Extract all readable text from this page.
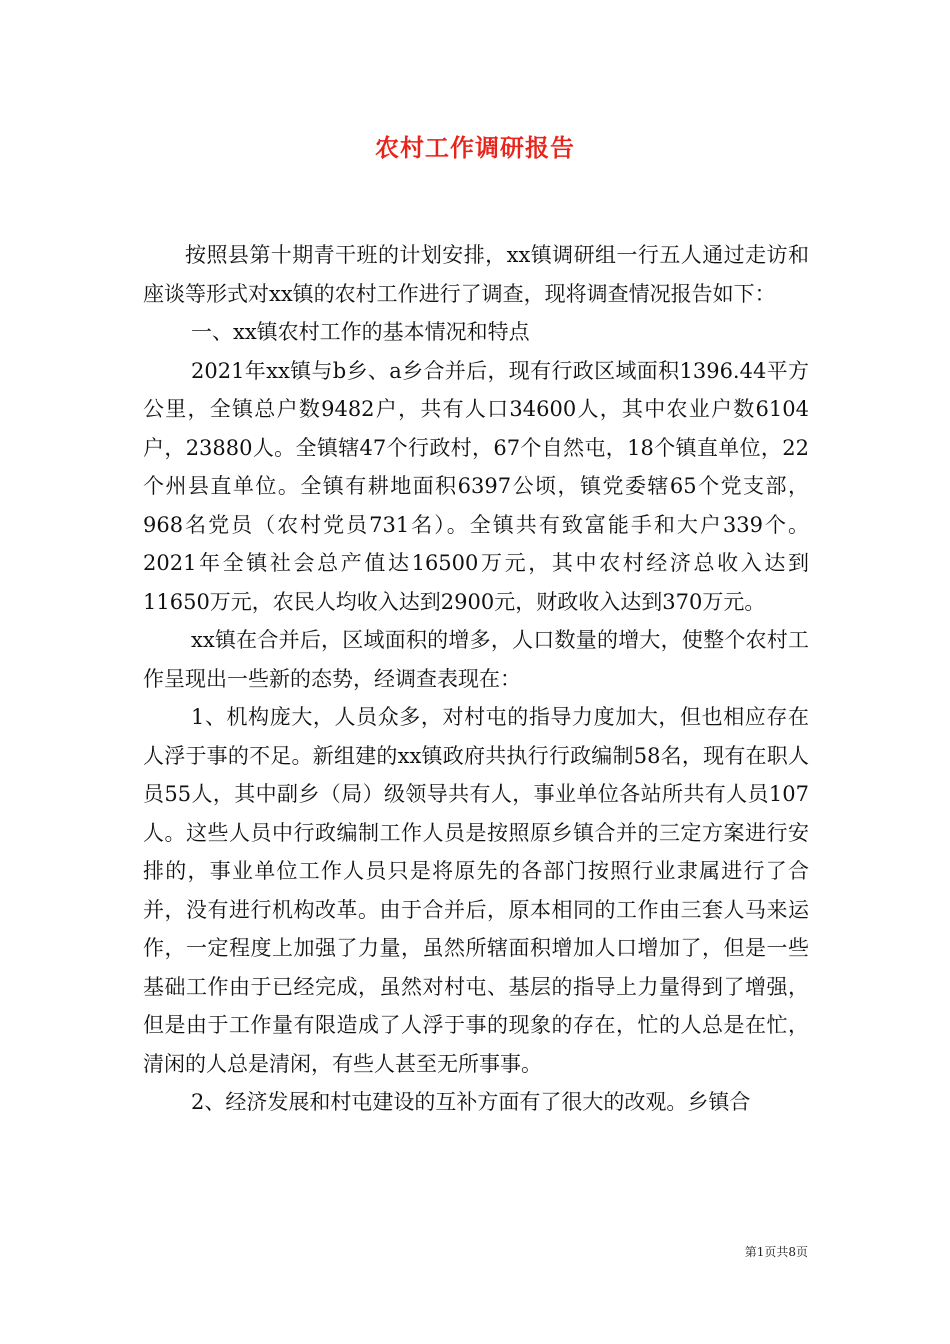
农村工作调研报告

按照县第十期青干班的计划安排，xx镇调研组一行五人通过走访和座谈等形式对xx镇的农村工作进行了调查，现将调查情况报告如下：

一、xx镇农村工作的基本情况和特点

2021年xx镇与b乡、a乡合并后，现有行政区域面积1396.44平方公里，全镇总户数9482户，共有人口34600人，其中农业户数6104户，23880人。全镇辖47个行政村，67个自然屯，18个镇直单位，22个州县直单位。全镇有耕地面积6397公顷，镇党委辖65个党支部，968名党员（农村党员731名）。全镇共有致富能手和大户339个。2021年全镇社会总产值达16500万元，其中农村经济总收入达到11650万元，农民人均收入达到2900元，财政收入达到370万元。

xx镇在合并后，区域面积的增多，人口数量的增大，使整个农村工作呈现出一些新的态势，经调查表现在：

1、机构庞大，人员众多，对村屯的指导力度加大，但也相应存在人浮于事的不足。新组建的xx镇政府共执行行政编制58名，现有在职人员55人，其中副乡（局）级领导共有人，事业单位各站所共有人员107人。这些人员中行政编制工作人员是按照原乡镇合并的三定方案进行安排的，事业单位工作人员只是将原先的各部门按照行业隶属进行了合并，没有进行机构改革。由于合并后，原本相同的工作由三套人马来运作，一定程度上加强了力量，虽然所辖面积增加人口增加了，但是一些基础工作由于已经完成，虽然对村屯、基层的指导上力量得到了增强，但是由于工作量有限造成了人浮于事的现象的存在，忙的人总是在忙，清闲的人总是清闲，有些人甚至无所事事。

2、经济发展和村屯建设的互补方面有了很大的改观。乡镇合

第1页共8页
